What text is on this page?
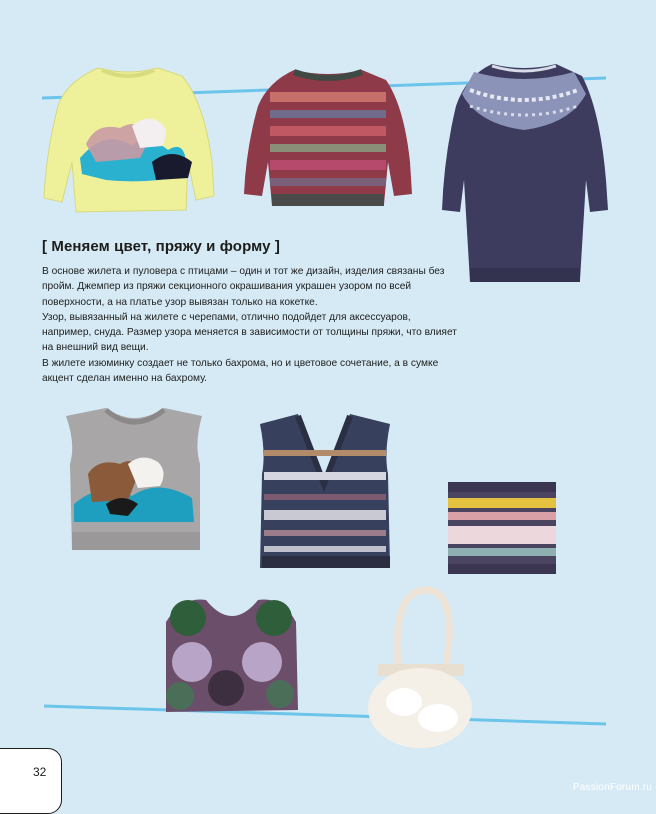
[ Меняем цвет, пряжу и форму ]

В основе жилета и пуловера с птицами – один и тот же дизайн, изделия связаны без пройм. Джемпер из пряжи секционного окрашивания украшен узором по всей поверхности, а на платье узор вывязан только на кокетке.

Узор, вывязанный на жилете с черепами, отлично подойдет для аксессуаров, например, снуда. Размер узора меняется в зависимости от толщины пряжи, что влияет на внешний вид вещи.

В жилете изюминку создает не только бахрома, но и цветовое сочетание, а в сумке акцент сделан именно на бахрому.

32
PassionForum.ru
